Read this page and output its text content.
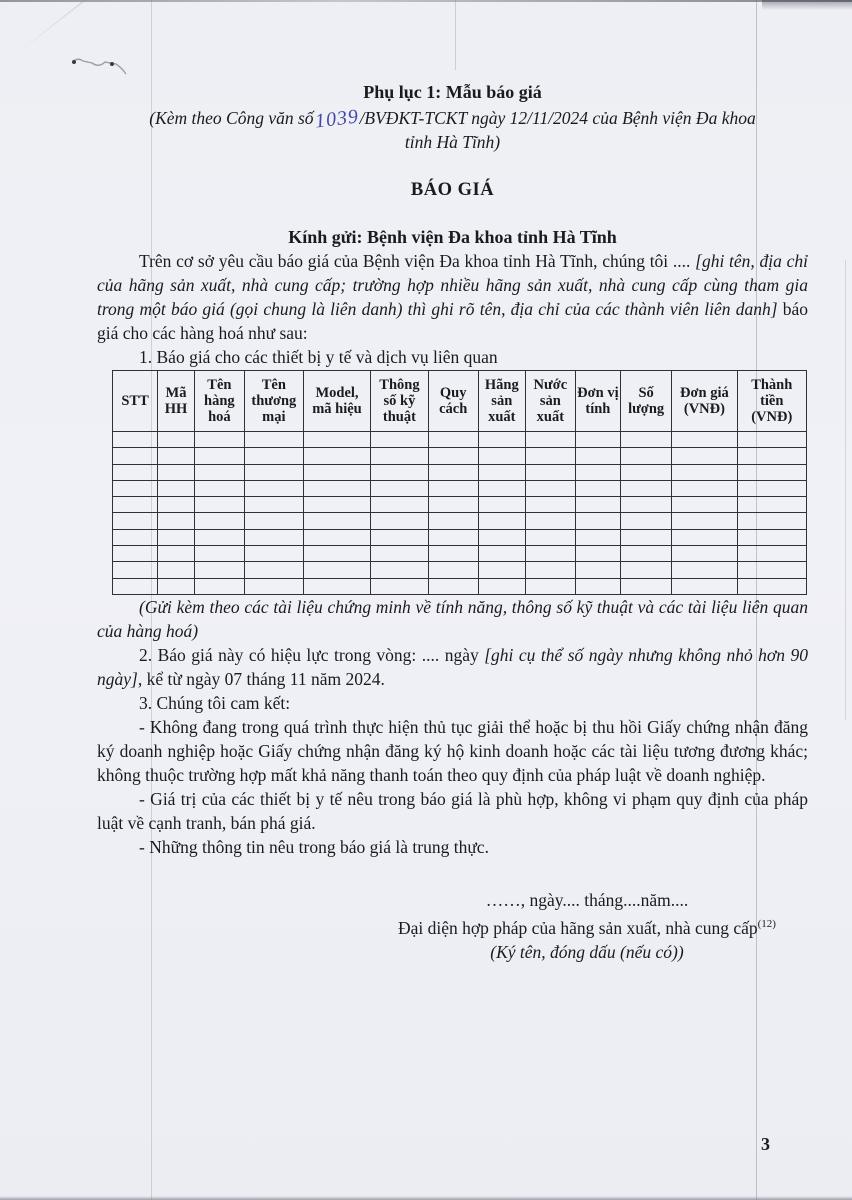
Phụ lục 1: Mẫu báo giá
(Kèm theo Công văn số1039/BVĐKT-TCKT ngày 12/11/2024 của Bệnh viện Đa khoa
tỉnh Hà Tĩnh)
BÁO GIÁ
Kính gửi: Bệnh viện Đa khoa tỉnh Hà Tĩnh

Trên cơ sở yêu cầu báo giá của Bệnh viện Đa khoa tỉnh Hà Tĩnh, chúng tôi .... [ghi tên, địa chỉ của hãng sản xuất, nhà cung cấp; trường hợp nhiều hãng sản xuất, nhà cung cấp cùng tham gia trong một báo giá (gọi chung là liên danh) thì ghi rõ tên, địa chỉ của các thành viên liên danh] báo giá cho các hàng hoá như sau:

1. Báo giá cho các thiết bị y tế và dịch vụ liên quan

STT	Mã HH	Tên hàng hoá	Tên thương mại	Model, mã hiệu	Thông số kỹ thuật	Quy cách	Hãng sản xuất	Nước sản xuất	Đơn vị tính	Số lượng	Đơn giá (VNĐ)	Thành tiền (VNĐ)

(Gửi kèm theo các tài liệu chứng minh về tính năng, thông số kỹ thuật và các tài liệu liên quan của hàng hoá)

2. Báo giá này có hiệu lực trong vòng: .... ngày [ghi cụ thể số ngày nhưng không nhỏ hơn 90 ngày], kể từ ngày 07 tháng 11 năm 2024.

3. Chúng tôi cam kết:

- Không đang trong quá trình thực hiện thủ tục giải thể hoặc bị thu hồi Giấy chứng nhận đăng ký doanh nghiệp hoặc Giấy chứng nhận đăng ký hộ kinh doanh hoặc các tài liệu tương đương khác; không thuộc trường hợp mất khả năng thanh toán theo quy định của pháp luật về doanh nghiệp.

- Giá trị của các thiết bị y tế nêu trong báo giá là phù hợp, không vi phạm quy định của pháp luật về cạnh tranh, bán phá giá.

- Những thông tin nêu trong báo giá là trung thực.

……, ngày.... tháng....năm....
Đại diện hợp pháp của hãng sản xuất, nhà cung cấp$^{(12)}$
(Ký tên, đóng dấu (nếu có))
3
